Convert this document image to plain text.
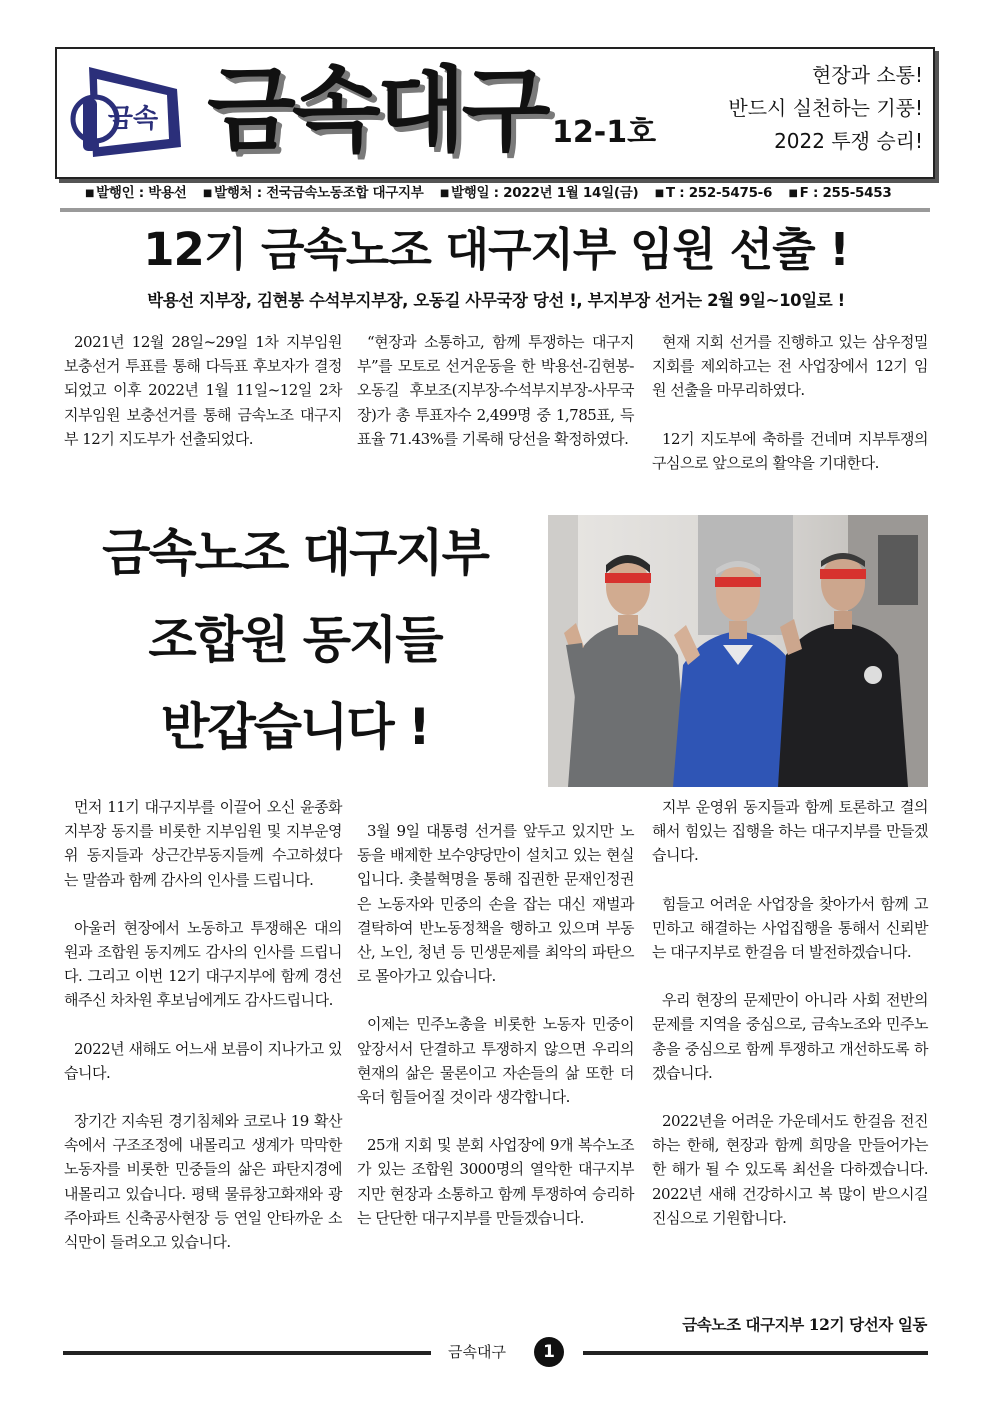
금속 금속대구 12-1호
현장과 소통!
반드시 실천하는 기풍!
2022 투쟁 승리!
■ 발행인 : 박용선 ■ 발행처 : 전국금속노동조합 대구지부 ■ 발행일 : 2022년 1월 14일(금) ■ T : 252-5475-6 ■ F : 255-5453
12기 금속노조 대구지부 임원 선출 !
박용선 지부장, 김현봉 수석부지부장, 오동길 사무국장 당선 !, 부지부장 선거는 2월 9일~10일로 !

2021년 12월 28일~29일 1차 지부임원 보충선거 투표를 통해 다득표 후보자가 결정되었고 이후 2022년 1월 11일~12일 2차 지부임원 보충선거를 통해 금속노조 대구지부 12기 지도부가 선출되었다.

“현장과 소통하고, 함께 투쟁하는 대구지부”를 모토로 선거운동을 한 박용선-김현봉-오동길 후보조(지부장-수석부지부장-사무국장)가 총 투표자수 2,499명 중 1,785표, 득표율 71.43%를 기록해 당선을 확정하였다.

현재 지회 선거를 진행하고 있는 삼우정밀지회를 제외하고는 전 사업장에서 12기 임원 선출을 마무리하였다.

12기 지도부에 축하를 건네며 지부투쟁의 구심으로 앞으로의 활약을 기대한다.

금속노조 대구지부
조합원 동지들
반갑습니다 !

먼저 11기 대구지부를 이끌어 오신 윤종화지부장 동지를 비롯한 지부임원 및 지부운영위 동지들과 상근간부동지들께 수고하셨다는 말씀과 함께 감사의 인사를 드립니다.

아울러 현장에서 노동하고 투쟁해온 대의원과 조합원 동지께도 감사의 인사를 드립니다. 그리고 이번 12기 대구지부에 함께 경선해주신 차차원 후보님에게도 감사드립니다.

2022년 새해도 어느새 보름이 지나가고 있습니다.

장기간 지속된 경기침체와 코로나 19 확산 속에서 구조조정에 내몰리고 생계가 막막한 노동자를 비롯한 민중들의 삶은 파탄지경에 내몰리고 있습니다. 평택 물류창고화재와 광주아파트 신축공사현장 등 연일 안타까운 소식만이 들려오고 있습니다.

3월 9일 대통령 선거를 앞두고 있지만 노동을 배제한 보수양당만이 설치고 있는 현실입니다. 촛불혁명을 통해 집권한 문재인정권은 노동자와 민중의 손을 잡는 대신 재벌과 결탁하여 반노동정책을 행하고 있으며 부동산, 노인, 청년 등 민생문제를 최악의 파탄으로 몰아가고 있습니다.

이제는 민주노총을 비롯한 노동자 민중이 앞장서서 단결하고 투쟁하지 않으면 우리의 현재의 삶은 물론이고 자손들의 삶 또한 더욱더 힘들어질 것이라 생각합니다.

25개 지회 및 분회 사업장에 9개 복수노조가 있는 조합원 3000명의 열악한 대구지부지만 현장과 소통하고 함께 투쟁하여 승리하는 단단한 대구지부를 만들겠습니다.

지부 운영위 동지들과 함께 토론하고 결의해서 힘있는 집행을 하는 대구지부를 만들겠습니다.

힘들고 어려운 사업장을 찾아가서 함께 고민하고 해결하는 사업집행을 통해서 신뢰받는 대구지부로 한걸음 더 발전하겠습니다.

우리 현장의 문제만이 아니라 사회 전반의 문제를 지역을 중심으로, 금속노조와 민주노총을 중심으로 함께 투쟁하고 개선하도록 하겠습니다.

2022년을 어려운 가운데서도 한걸음 전진하는 한해, 현장과 함께 희망을 만들어가는 한 해가 될 수 있도록 최선을 다하겠습니다. 2022년 새해 건강하시고 복 많이 받으시길 진심으로 기원합니다.

금속노조 대구지부 12기 당선자 일동
금속대구	1
